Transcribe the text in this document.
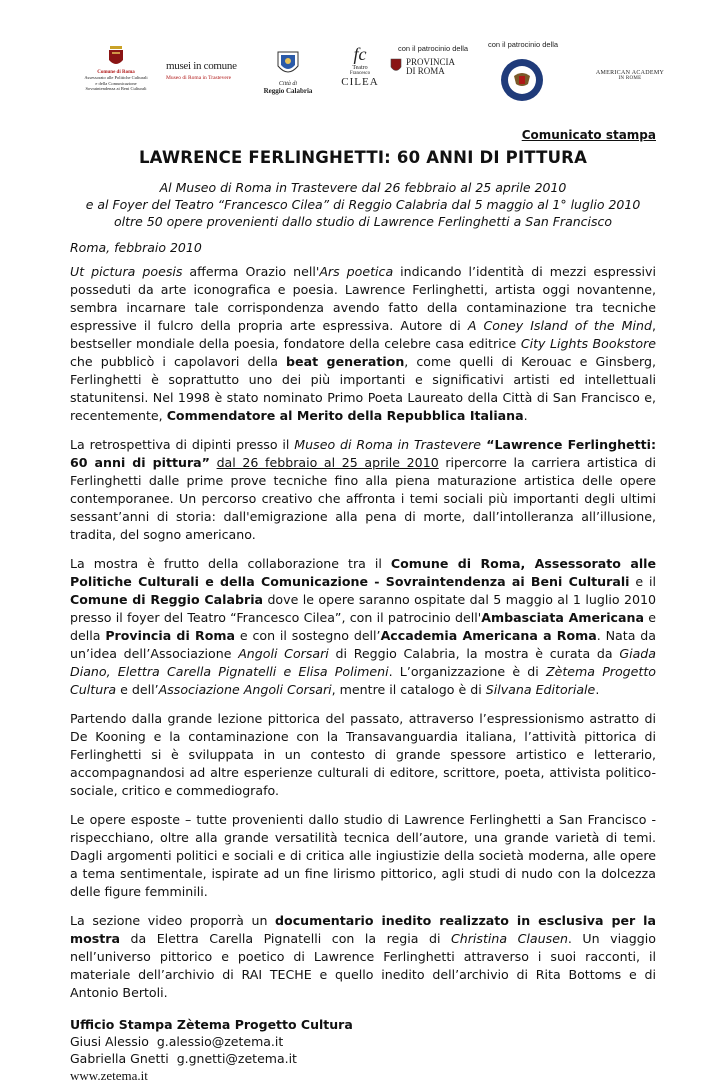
Comune di Roma
Assessorato alle Politiche Culturali
e della Comunicazione
Sovraintendenza ai Beni Culturali
musei in comune
Museo di Roma in Trastevere
Città di
Reggio Calabria
fc
Teatro
Francesco
CILEA
con il patrocinio della
PROVINCIA
DI ROMA
con il patrocinio della
AMERICAN ACADEMY
IN ROME
Comunicato stampa
LAWRENCE FERLINGHETTI: 60 ANNI DI PITTURA
Al Museo di Roma in Trastevere dal 26 febbraio al 25 aprile 2010
e al Foyer del Teatro “Francesco Cilea” di Reggio Calabria dal 5 maggio al 1° luglio 2010
oltre 50 opere provenienti dallo studio di Lawrence Ferlinghetti a San Francisco
Roma, febbraio 2010

Ut pictura poesis afferma Orazio nell'Ars poetica indicando l’identità di mezzi espressivi posseduti da arte iconografica e poesia. Lawrence Ferlinghetti, artista oggi novantenne, sembra incarnare tale corrispondenza avendo fatto della contaminazione tra tecniche espressive il fulcro della propria arte espressiva. Autore di A Coney Island of the Mind, bestseller mondiale della poesia, fondatore della celebre casa editrice City Lights Bookstore che pubblicò i capolavori della beat generation, come quelli di Kerouac e Ginsberg, Ferlinghetti è soprattutto uno dei più importanti e significativi artisti ed intellettuali statunitensi. Nel 1998 è stato nominato Primo Poeta Laureato della Città di San Francisco e, recentemente, Commendatore al Merito della Repubblica Italiana.

La retrospettiva di dipinti presso il Museo di Roma in Trastevere “Lawrence Ferlinghetti: 60 anni di pittura” dal 26 febbraio al 25 aprile 2010 ripercorre la carriera artistica di Ferlinghetti dalle prime prove tecniche fino alla piena maturazione artistica delle opere contemporanee. Un percorso creativo che affronta i temi sociali più importanti degli ultimi sessant’anni di storia: dall'emigrazione alla pena di morte, dall’intolleranza all’illusione, tradita, del sogno americano.

La mostra è frutto della collaborazione tra il Comune di Roma, Assessorato alle Politiche Culturali e della Comunicazione - Sovraintendenza ai Beni Culturali e il Comune di Reggio Calabria dove le opere saranno ospitate dal 5 maggio al 1 luglio 2010 presso il foyer del Teatro “Francesco Cilea”, con il patrocinio dell'Ambasciata Americana e della Provincia di Roma e con il sostegno dell’Accademia Americana a Roma. Nata da un’idea dell’Associazione Angoli Corsari di Reggio Calabria, la mostra è curata da Giada Diano, Elettra Carella Pignatelli e Elisa Polimeni. L’organizzazione è di Zètema Progetto Cultura e dell’Associazione Angoli Corsari, mentre il catalogo è di Silvana Editoriale.

Partendo dalla grande lezione pittorica del passato, attraverso l’espressionismo astratto di De Kooning e la contaminazione con la Transavanguardia italiana, l’attività pittorica di Ferlinghetti si è sviluppata in un contesto di grande spessore artistico e letterario, accompagnandosi ad altre esperienze culturali di editore, scrittore, poeta, attivista politico-sociale, critico e commediografo.

Le opere esposte – tutte provenienti dallo studio di Lawrence Ferlinghetti a San Francisco - rispecchiano, oltre alla grande versatilità tecnica dell’autore, una grande varietà di temi. Dagli argomenti politici e sociali e di critica alle ingiustizie della società moderna, alle opere a tema sentimentale, ispirate ad un fine lirismo pittorico, agli studi di nudo con la dolcezza delle figure femminili.

La sezione video proporrà un documentario inedito realizzato in esclusiva per la mostra da Elettra Carella Pignatelli con la regia di Christina Clausen. Un viaggio nell’universo pittorico e poetico di Lawrence Ferlinghetti attraverso i suoi racconti, il materiale dell’archivio di RAI TECHE e quello inedito dell’archivio di Rita Bottoms e di Antonio Bertoli.

Ufficio Stampa Zètema Progetto Cultura
Giusi Alessio g.alessio@zetema.it
Gabriella Gnetti g.gnetti@zetema.it
www.zetema.it
